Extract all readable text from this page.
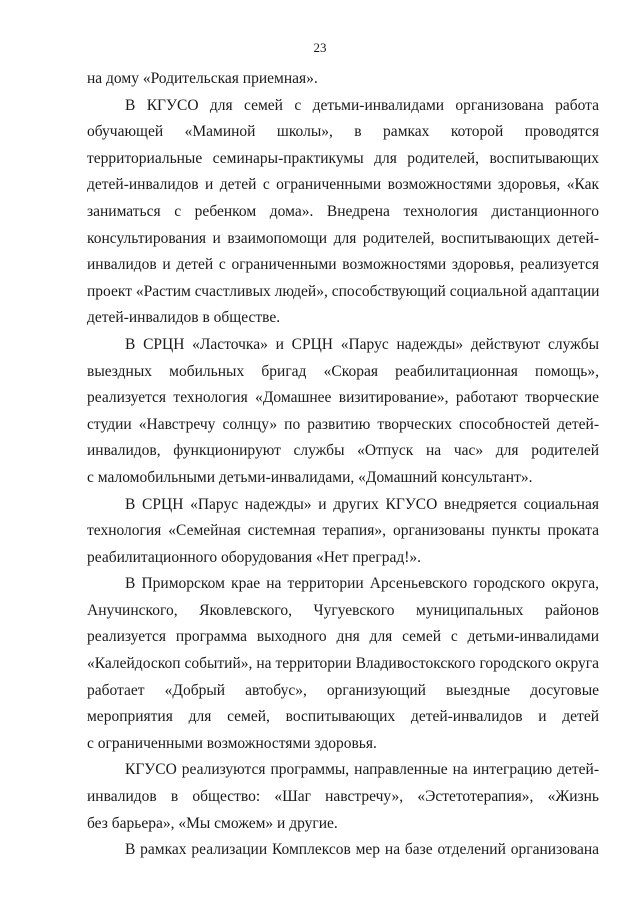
23
на дому «Родительская приемная».
В КГУСО для семей с детьми-инвалидами организована работа
обучающей «Маминой школы», в рамках которой проводятся
территориальные семинары-практикумы для родителей, воспитывающих
детей-инвалидов и детей с ограниченными возможностями здоровья, «Как
заниматься с ребенком дома». Внедрена технология дистанционного
консультирования и взаимопомощи для родителей, воспитывающих детей-
инвалидов и детей с ограниченными возможностями здоровья, реализуется
проект «Растим счастливых людей», способствующий социальной адаптации
детей-инвалидов в обществе.
В СРЦН «Ласточка» и СРЦН «Парус надежды» действуют службы
выездных мобильных бригад «Скорая реабилитационная помощь»,
реализуется технология «Домашнее визитирование», работают творческие
студии «Навстречу солнцу» по развитию творческих способностей детей-
инвалидов, функционируют службы «Отпуск на час» для родителей
с маломобильными детьми-инвалидами, «Домашний консультант».
В СРЦН «Парус надежды» и других КГУСО внедряется социальная
технология «Семейная системная терапия», организованы пункты проката
реабилитационного оборудования «Нет преград!».
В Приморском крае на территории Арсеньевского городского округа,
Анучинского, Яковлевского, Чугуевского муниципальных районов
реализуется программа выходного дня для семей с детьми-инвалидами
«Калейдоскоп событий», на территории Владивостокского городского округа
работает «Добрый автобус», организующий выездные досуговые
мероприятия для семей, воспитывающих детей-инвалидов и детей
с ограниченными возможностями здоровья.
КГУСО реализуются программы, направленные на интеграцию детей-
инвалидов в общество: «Шаг навстречу», «Эстетотерапия», «Жизнь
без барьера», «Мы сможем» и другие.
В рамках реализации Комплексов мер на базе отделений организована
